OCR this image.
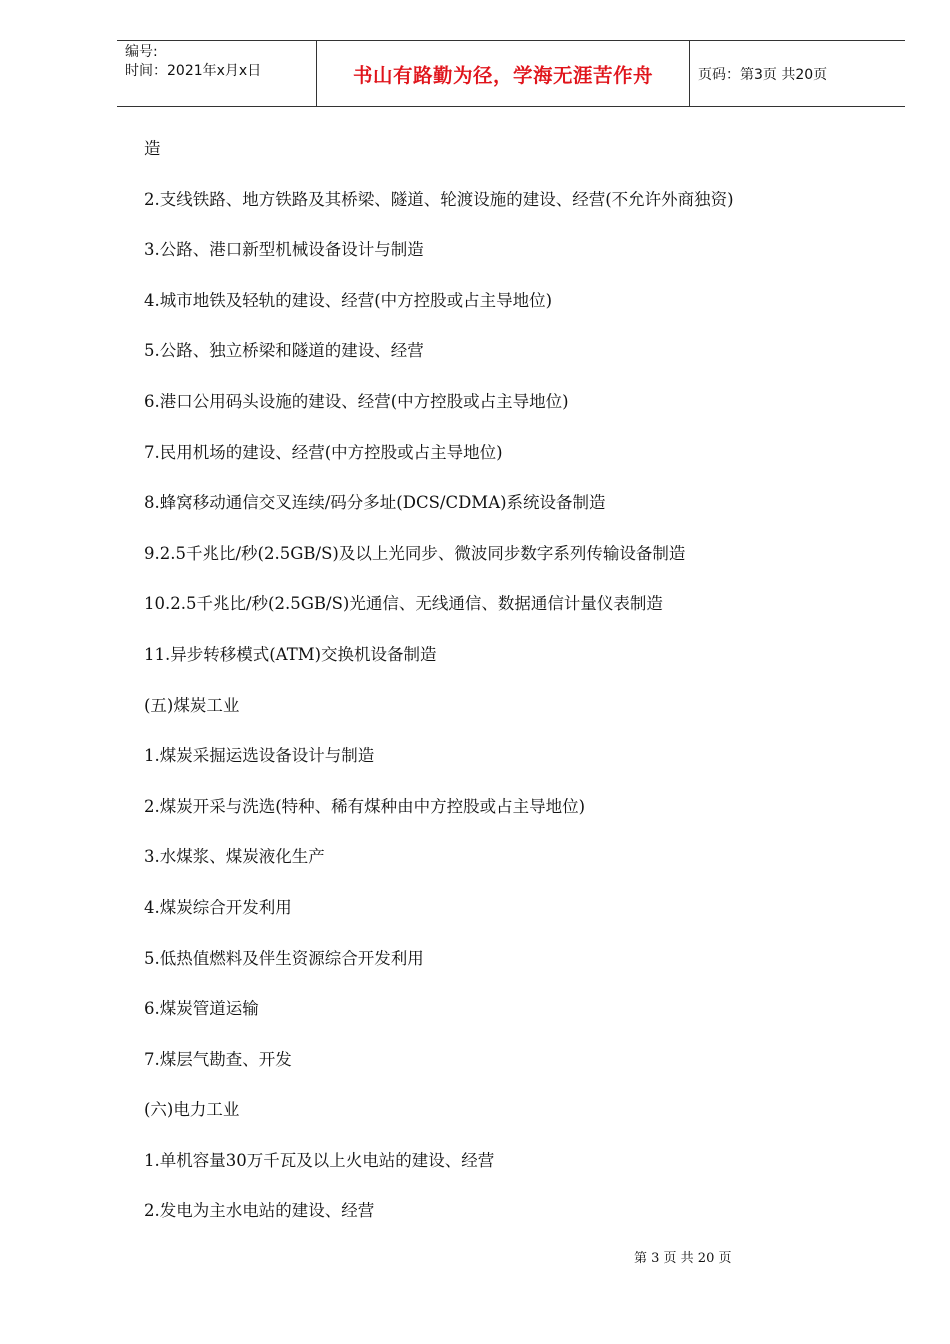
编号:
时间：2021年x月x日	书山有路勤为径，学海无涯苦作舟	页码：第3页 共20页
造
2.支线铁路、地方铁路及其桥梁、隧道、轮渡设施的建设、经营(不允许外商独资)
3.公路、港口新型机械设备设计与制造
4.城市地铁及轻轨的建设、经营(中方控股或占主导地位)
5.公路、独立桥梁和隧道的建设、经营
6.港口公用码头设施的建设、经营(中方控股或占主导地位)
7.民用机场的建设、经营(中方控股或占主导地位)
8.蜂窝移动通信交叉连续/码分多址(DCS/CDMA)系统设备制造
9.2.5千兆比/秒(2.5GB/S)及以上光同步、微波同步数字系列传输设备制造
10.2.5千兆比/秒(2.5GB/S)光通信、无线通信、数据通信计量仪表制造
11.异步转移模式(ATM)交换机设备制造
(五)煤炭工业
1.煤炭采掘运选设备设计与制造
2.煤炭开采与洗选(特种、稀有煤种由中方控股或占主导地位)
3.水煤浆、煤炭液化生产
4.煤炭综合开发利用
5.低热值燃料及伴生资源综合开发利用
6.煤炭管道运输
7.煤层气勘查、开发
(六)电力工业
1.单机容量30万千瓦及以上火电站的建设、经营
2.发电为主水电站的建设、经营
第 3 页 共 20 页
